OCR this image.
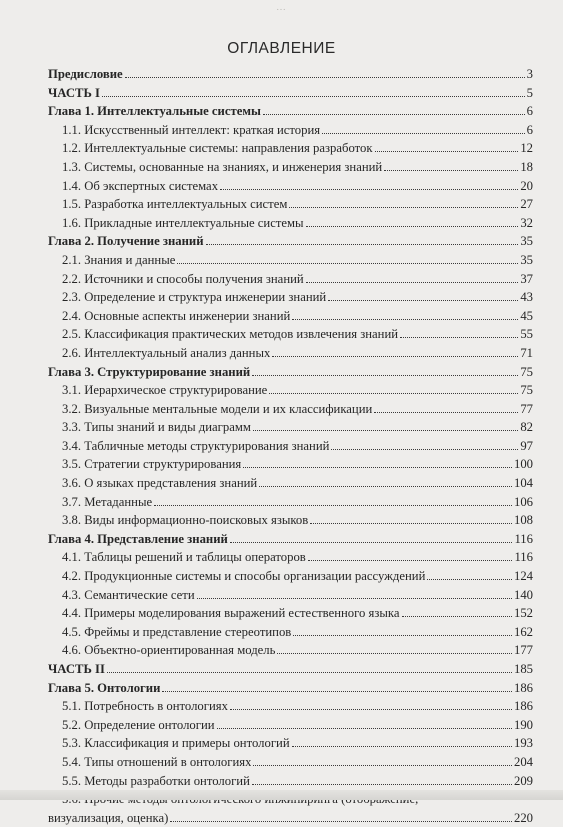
...
ОГЛАВЛЕНИЕ
Предисловие	3
ЧАСТЬ I	5
Глава 1. Интеллектуальные системы	6
1.1. Искусственный интеллект: краткая история	6
1.2. Интеллектуальные системы: направления разработок	12
1.3. Системы, основанные на знаниях, и инженерия знаний	18
1.4. Об экспертных системах	20
1.5. Разработка интеллектуальных систем	27
1.6. Прикладные интеллектуальные системы	32
Глава 2. Получение знаний	35
2.1. Знания и данные	35
2.2. Источники и способы получения знаний	37
2.3. Определение и структура инженерии знаний	43
2.4. Основные аспекты инженерии знаний	45
2.5. Классификация практических методов извлечения знаний	55
2.6. Интеллектуальный анализ данных	71
Глава 3. Структурирование знаний	75
3.1. Иерархическое структурирование	75
3.2. Визуальные ментальные модели и их классификации	77
3.3. Типы знаний и виды диаграмм	82
3.4. Табличные методы структурирования знаний	97
3.5. Стратегии структурирования	100
3.6. О языках представления знаний	104
3.7. Метаданные	106
3.8. Виды информационно-поисковых языков	108
Глава 4. Представление знаний	116
4.1. Таблицы решений и таблицы операторов	116
4.2. Продукционные системы и способы организации рассуждений	124
4.3. Семантические сети	140
4.4. Примеры моделирования выражений естественного языка	152
4.5. Фреймы и представление стереотипов	162
4.6. Объектно-ориентированная модель	177
ЧАСТЬ II	185
Глава 5. Онтологии	186
5.1. Потребность в онтологиях	186
5.2. Определение онтологии	190
5.3. Классификация и примеры онтологий	193
5.4. Типы отношений в онтологиях	204
5.5. Методы разработки онтологий	209
визуализация, оценка)	220
